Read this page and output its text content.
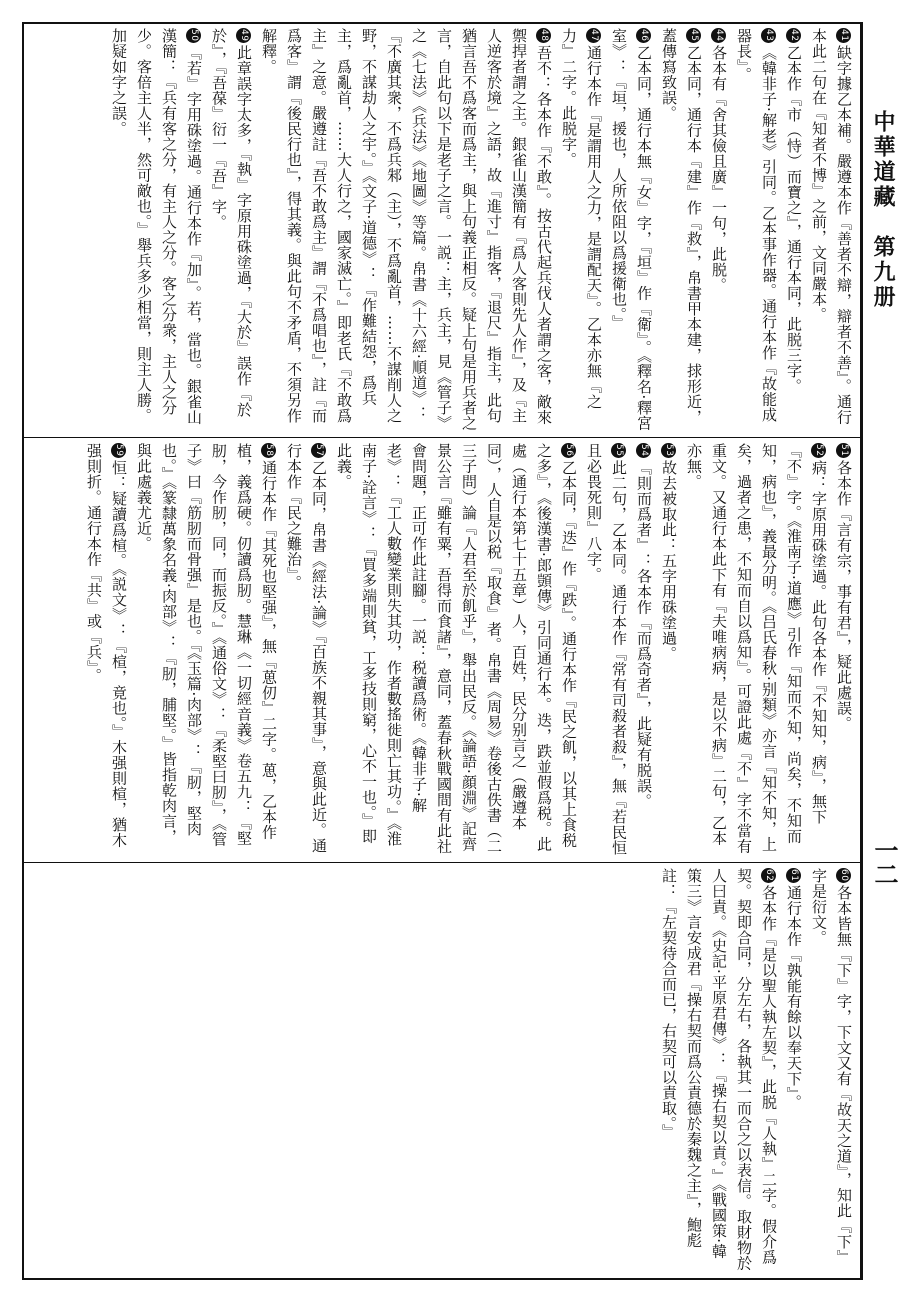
中華道藏　第九册
一二

41缺字據乙本補。嚴遵本作『善者不辯，辯者不善』。通行本此二句在『知者不博』之前，文同嚴本。

42乙本作『市（恃）而寶之』，通行本同，此脱三字。

43《韓非子·解老》引同。乙本事作器。通行本作『故能成器長』。

44各本有『舍其儉且廣』一句，此脱。

45乙本同，通行本『建』作『救』，帛書甲本建，捄形近，蓋傳寫致誤。

46乙本同，通行本無『女』字，『垣』作『衛』。《釋名·釋宮室》：『垣，援也，人所依阻以爲援衛也。』

47通行本作『是謂用人之力，是謂配天』。乙本亦無『之力』二字。此脱字。

48吾不：各本作『不敢』。按古代起兵伐人者謂之客，敵來禦捍者謂之主。銀雀山漢簡有『爲人客則先人作』，及『主人逆客於境』之語，故『進寸』指客，『退尺』指主，此句猶言吾不爲客而爲主，與上句義正相反。疑上句是用兵者之言，自此句以下是老子之言。一説：主，兵主，見《管子》之《七法》《兵法》《地圖》等篇。帛書《十六經·順道》：『不廣其衆，不爲兵邾（主），不爲亂首，……不謀削人之野，不謀劫人之宇。』《文子·道德》：『作難結怨，爲兵主，爲亂首，……大人行之，國家滅亡。』即老氏『不敢爲主』之意。嚴遵註『吾不敢爲主』謂『不爲唱也』，註『而爲客』謂『後民行也』，得其義。與此句不矛盾，不須另作解釋。

49此章誤字太多，『執』字原用硃塗過，『大於』誤作『於於』，『吾葆』衍一『吾』字。

50『若』字用硃塗過。通行本作『加』。若，當也。銀雀山漢簡：『兵有客之分，有主人之分。客之分衆，主人之分少。客倍主人半，然可敵也。』舉兵多少相當，則主人勝。加疑如字之誤。

51各本作『言有宗，事有君』，疑此處誤。

52病：字原用硃塗過。此句各本作『不知知，病』，無下『不』字。《淮南子·道應》引作『知而不知，尚矣，不知而知，病也』，義最分明。《吕氏春秋·别類》亦言『知不知，上矣，過者之患，不知而自以爲知』。可證此處『不』字不當有重文。又通行本此下有『夫唯病病，是以不病』二句，乙本亦無。

53故去被取此：五字用硃塗過。

54『則而爲者』：各本作『而爲奇者』，此疑有脱誤。

55此二句，乙本同。通行本作『常有司殺者殺』，無『若民恒且必畏死則』八字。

56乙本同，『迭』作『跌』。通行本作『民之飢，以其上食税之多』，《後漢書·郎顗傳》引同通行本。迭，跌並假爲税。此處（通行本第七十五章）人，百姓，民分别言之（嚴遵本同），人自是以税『取食』者。帛書《周易》卷後古佚書（二三子問）論『人君至於飢乎』，舉出民反。《論語·顔淵》記齊景公言『雖有粟，吾得而食諸』，意同，蓋春秋戰國間有此社會問題，正可作此註腳。一説：税讀爲術。《韓非子·解老》：『工人數變業則失其功，作者數搖徙則亡其功。』《淮南子·詮言》：『買多端則貧，工多技則窮，心不一也。』即此義。

57乙本同，帛書《經法·論》『百族不親其事』，意與此近。通行本作『民之難治』。

58通行本作『其死也堅强』，無『葸仞』二字。葸，乙本作植，義爲硬。仞讀爲肕。慧琳《一切經音義》卷五九：『堅肕，今作肕，同，而振反。』《通俗文》：『柔堅曰肕』，《管子》曰『筋肕而骨强』是也。『《玉篇·肉部》：『肕，堅肉也。』《篆隸萬象名義·肉部》：『肕，脯堅。』皆指乾肉言，與此處義尤近。

59恒：疑讀爲楦。《説文》：『楦，竟也。』木强則楦，猶木强則折。通行本作『共』或『兵』。

60各本皆無『下』字，下文又有『故天之道』，知此『下』字是衍文。

61通行本作『孰能有餘以奉天下』。

62各本作『是以聖人執左契』，此脱『人執』二字。假介爲契。契即合同，分左右，各執其一而合之以表信。取財物於人曰責。《史記·平原君傳》：『操右契以責。』《戰國策·韓策三》言安成君『操右契而爲公責德於秦魏之主』，鮑彪註：『左契待合而已，右契可以責取。』
